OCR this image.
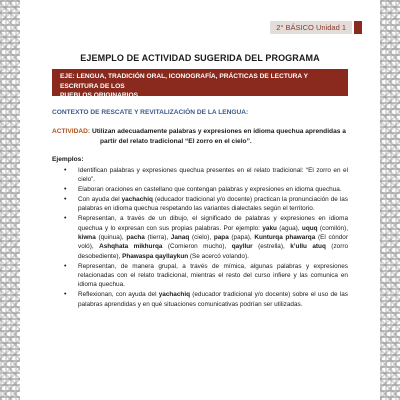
2° BÁSICO Unidad 1
EJEMPLO DE ACTIVIDAD SUGERIDA DEL PROGRAMA
EJE: LENGUA, TRADICIÓN ORAL, ICONOGRAFÍA, PRÁCTICAS DE LECTURA Y ESCRITURA DE LOS
PUEBLOS ORIGINARIOS.
CONTEXTO DE RESCATE Y REVITALIZACIÓN DE LA LENGUA:
ACTIVIDAD: Utilizan adecuadamente palabras y expresiones en idioma quechua aprendidas a
partir del relato tradicional “El zorro en el cielo”.
Ejemplos:
• Identifican palabras y expresiones quechua presentes en el relato tradicional: “El zorro en el cielo”.
• Elaboran oraciones en castellano que contengan palabras y expresiones en idioma quechua.
• Con ayuda del yachachiq (educador tradicional y/o docente) practican la pronunciación de las palabras en idioma quechua respetando las variantes dialectales según el territorio.
• Representan, a través de un dibujo, el significado de palabras y expresiones en idioma quechua y lo expresan con sus propias palabras. Por ejemplo: yaku (agua), uquq (comilón), kiwna (quinua), pacha (tierra), Janaq (cielo), papa (papa), Kunturqa phawarqa (El cóndor voló), Ashqhata mikhurqa (Comieron mucho), qayllur (estrella), k’ullu atuq (zorro desobediente), Phawaspa qayllaykun (Se acercó volando).
• Representan, de manera grupal, a través de mímica, algunas palabras y expresiones relacionadas con el relato tradicional, mientras el resto del curso infiere y las comunica en idioma quechua.
• Reflexionan, con ayuda del yachachiq (educador tradicional y/o docente) sobre el uso de las palabras aprendidas y en qué situaciones comunicativas podrían ser utilizadas.
